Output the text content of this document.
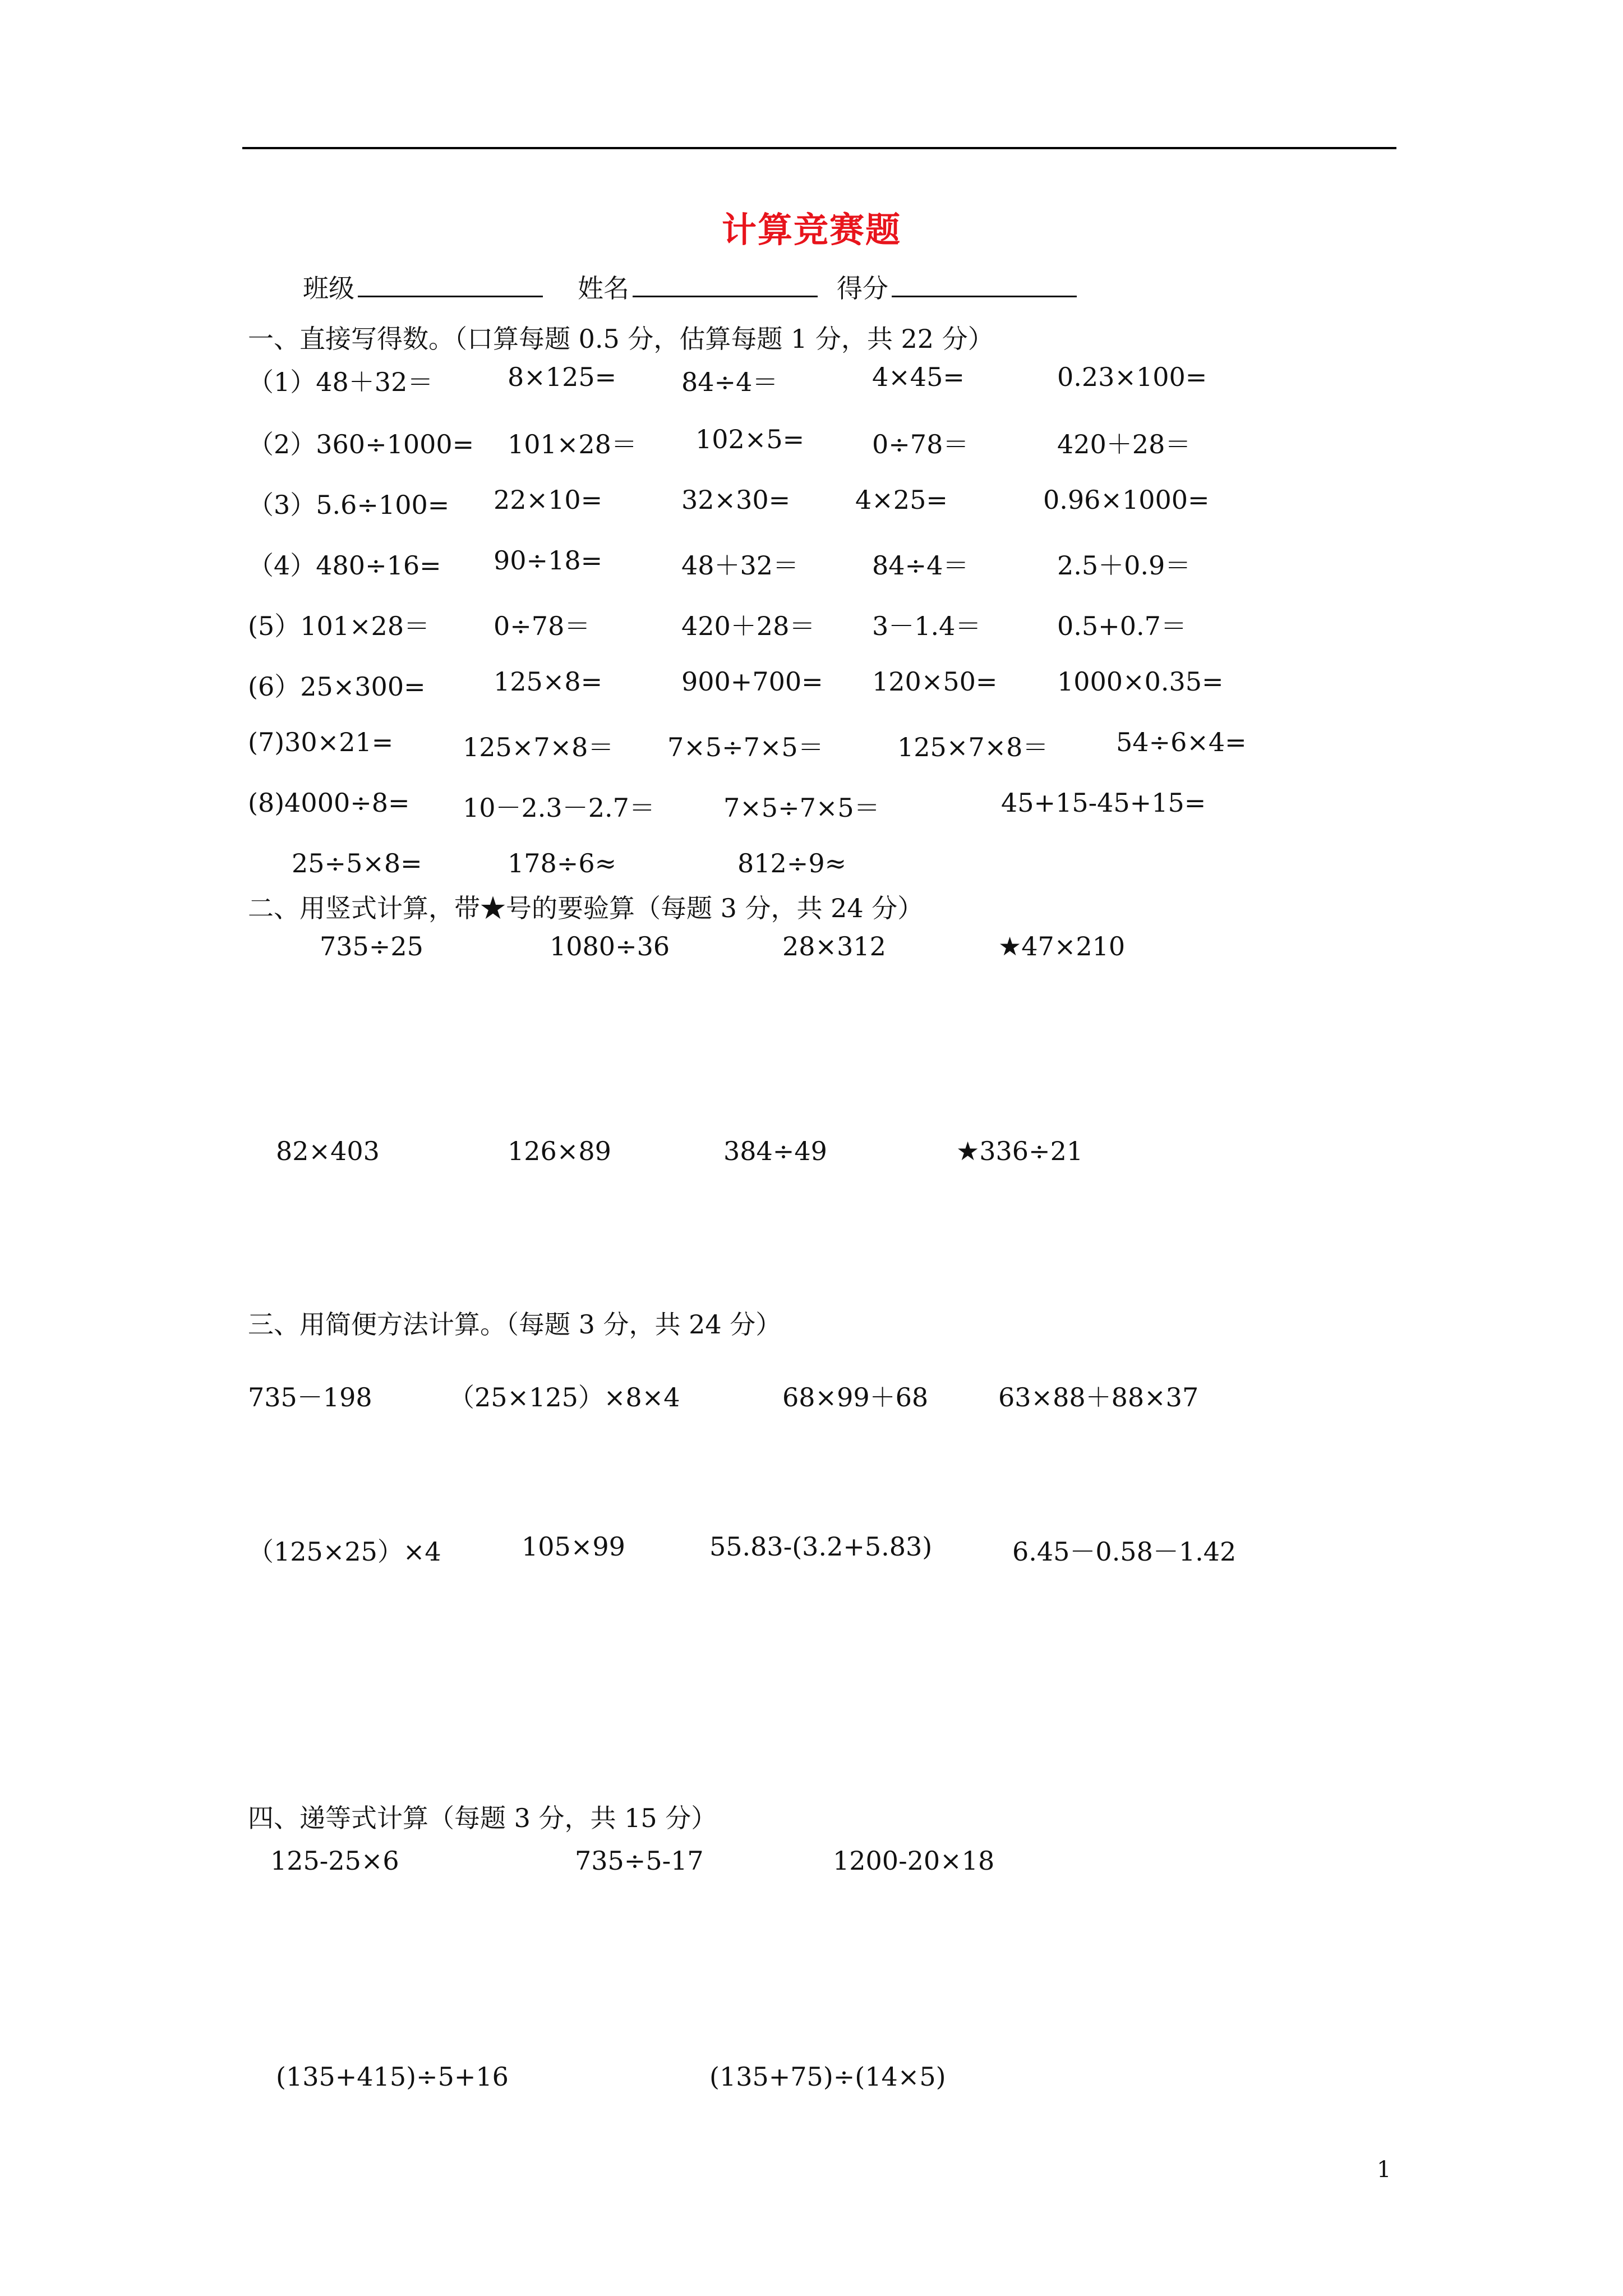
计算竞赛题
班级	姓名	得分
一、直接写得数。（口算每题 0.5 分，估算每题 1 分，共 22 分）
（1）48＋32＝	8×125=	84÷4＝	4×45=	0.23×100=
（2）360÷1000= 101×28＝ 102×5=	0÷78＝	420＋28＝
（3）5.6÷100= 22×10=	32×30=	4×25=	0.96×1000=
（4）480÷16= 90÷18=	48＋32＝	84÷4＝	2.5＋0.9＝
(5）101×28＝ 0÷78＝	420＋28＝ 3－1.4＝	0.5+0.7＝
(6）25×300=	125×8=	900+700= 120×50= 1000×0.35=
(7)30×21=	125×7×8＝ 7×5÷7×5＝	125×7×8＝	54÷6×4=
(8)4000÷8= 10－2.3－2.7＝	7×5÷7×5＝	45+15-45+15=
25÷5×8=	178÷6≈	812÷9≈
二、用竖式计算，带★号的要验算（每题 3 分，共 24 分）
735÷25	1080÷36	28×312	★47×210
82×403	126×89	384÷49	★336÷21
三、用简便方法计算。（每题 3 分，共 24 分）
735－198	（25×125）×8×4	68×99＋68	63×88＋88×37
（125×25）×4	105×99	55.83-(3.2+5.83)	6.45－0.58－1.42
四、递等式计算（每题 3 分，共 15 分）
125-25×6	735÷5-17	1200-20×18
(135+415)÷5+16	(135+75)÷(14×5)
1
